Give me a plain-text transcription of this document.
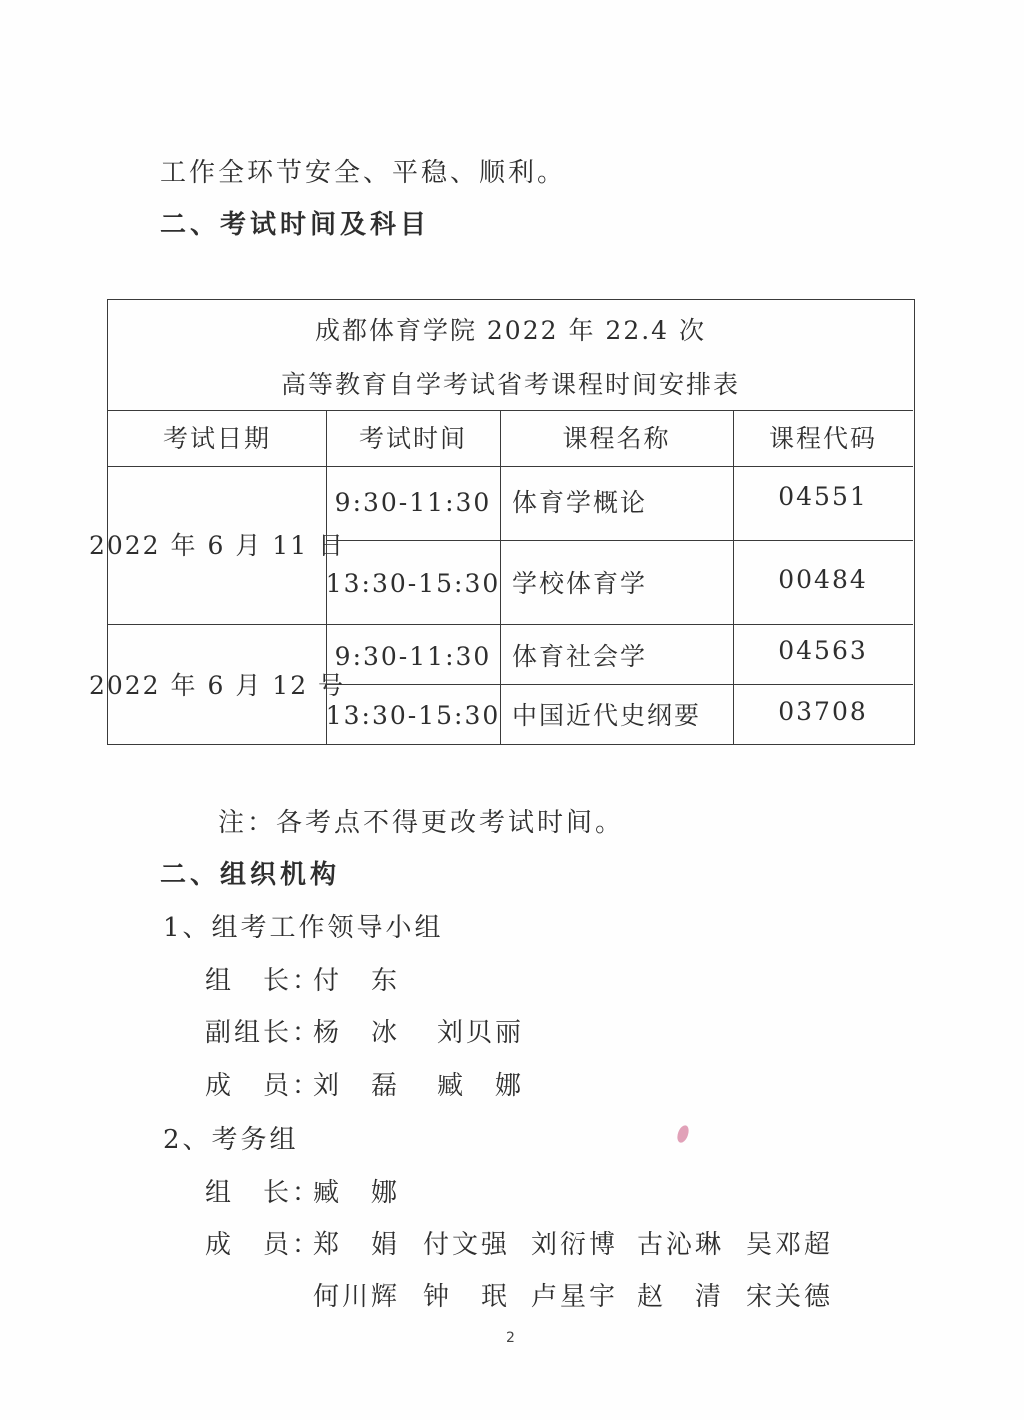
工作全环节安全、平稳、顺利。
二、考试时间及科目
成都体育学院 2022 年 22.4 次
高等教育自学考试省考课程时间安排表
考试日期	考试时间	课程名称	课程代码
2022 年 6 月 11 日
9:30-11:30 体育学概论	04551
13:30-15:30 学校体育学	00484
2022 年 6 月 12 号
9:30-11:30 体育社会学	04563
13:30-15:30 中国近代史纲要	03708
注：各考点不得更改考试时间。
二、组织机构
1、组考工作领导小组
组　长：
付　东
副组长：
杨　冰 刘贝丽
成　员：
刘　磊 臧　娜
2、考务组
组　长：
臧　娜
成　员：
郑　娟 付文强 刘衍博 古沁琳 吴邓超
何川辉 钟　珉 卢星宇 赵　清 宋关德
2
